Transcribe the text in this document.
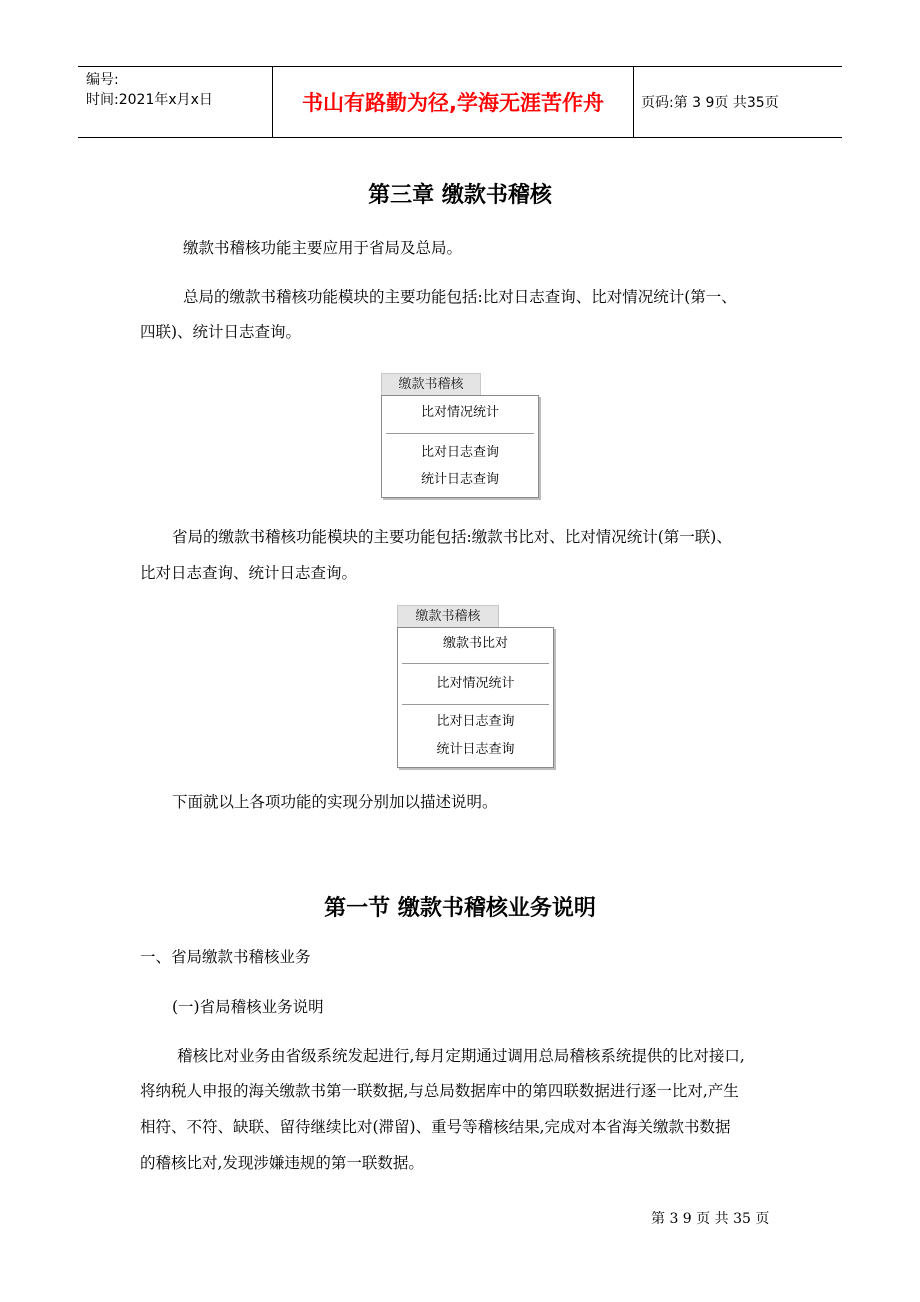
编号:
时间:2021年x月x日	书山有路勤为径,学海无涯苦作舟	页码:第 3 9页 共35页
第三章 缴款书稽核
缴款书稽核功能主要应用于省局及总局。
总局的缴款书稽核功能模块的主要功能包括:比对日志查询、比对情况统计(第一、
四联)、统计日志查询。
缴款书稽核
比对情况统计
比对日志查询
统计日志查询
省局的缴款书稽核功能模块的主要功能包括:缴款书比对、比对情况统计(第一联)、
比对日志查询、统计日志查询。
缴款书稽核
缴款书比对
比对情况统计
比对日志查询
统计日志查询
下面就以上各项功能的实现分别加以描述说明。
第一节 缴款书稽核业务说明
一、省局缴款书稽核业务
(一)省局稽核业务说明
稽核比对业务由省级系统发起进行,每月定期通过调用总局稽核系统提供的比对接口,
将纳税人申报的海关缴款书第一联数据,与总局数据库中的第四联数据进行逐一比对,产生
相符、不符、缺联、留待继续比对(滞留)、重号等稽核结果,完成对本省海关缴款书数据
的稽核比对,发现涉嫌违规的第一联数据。
第 3 9 页 共 35 页
